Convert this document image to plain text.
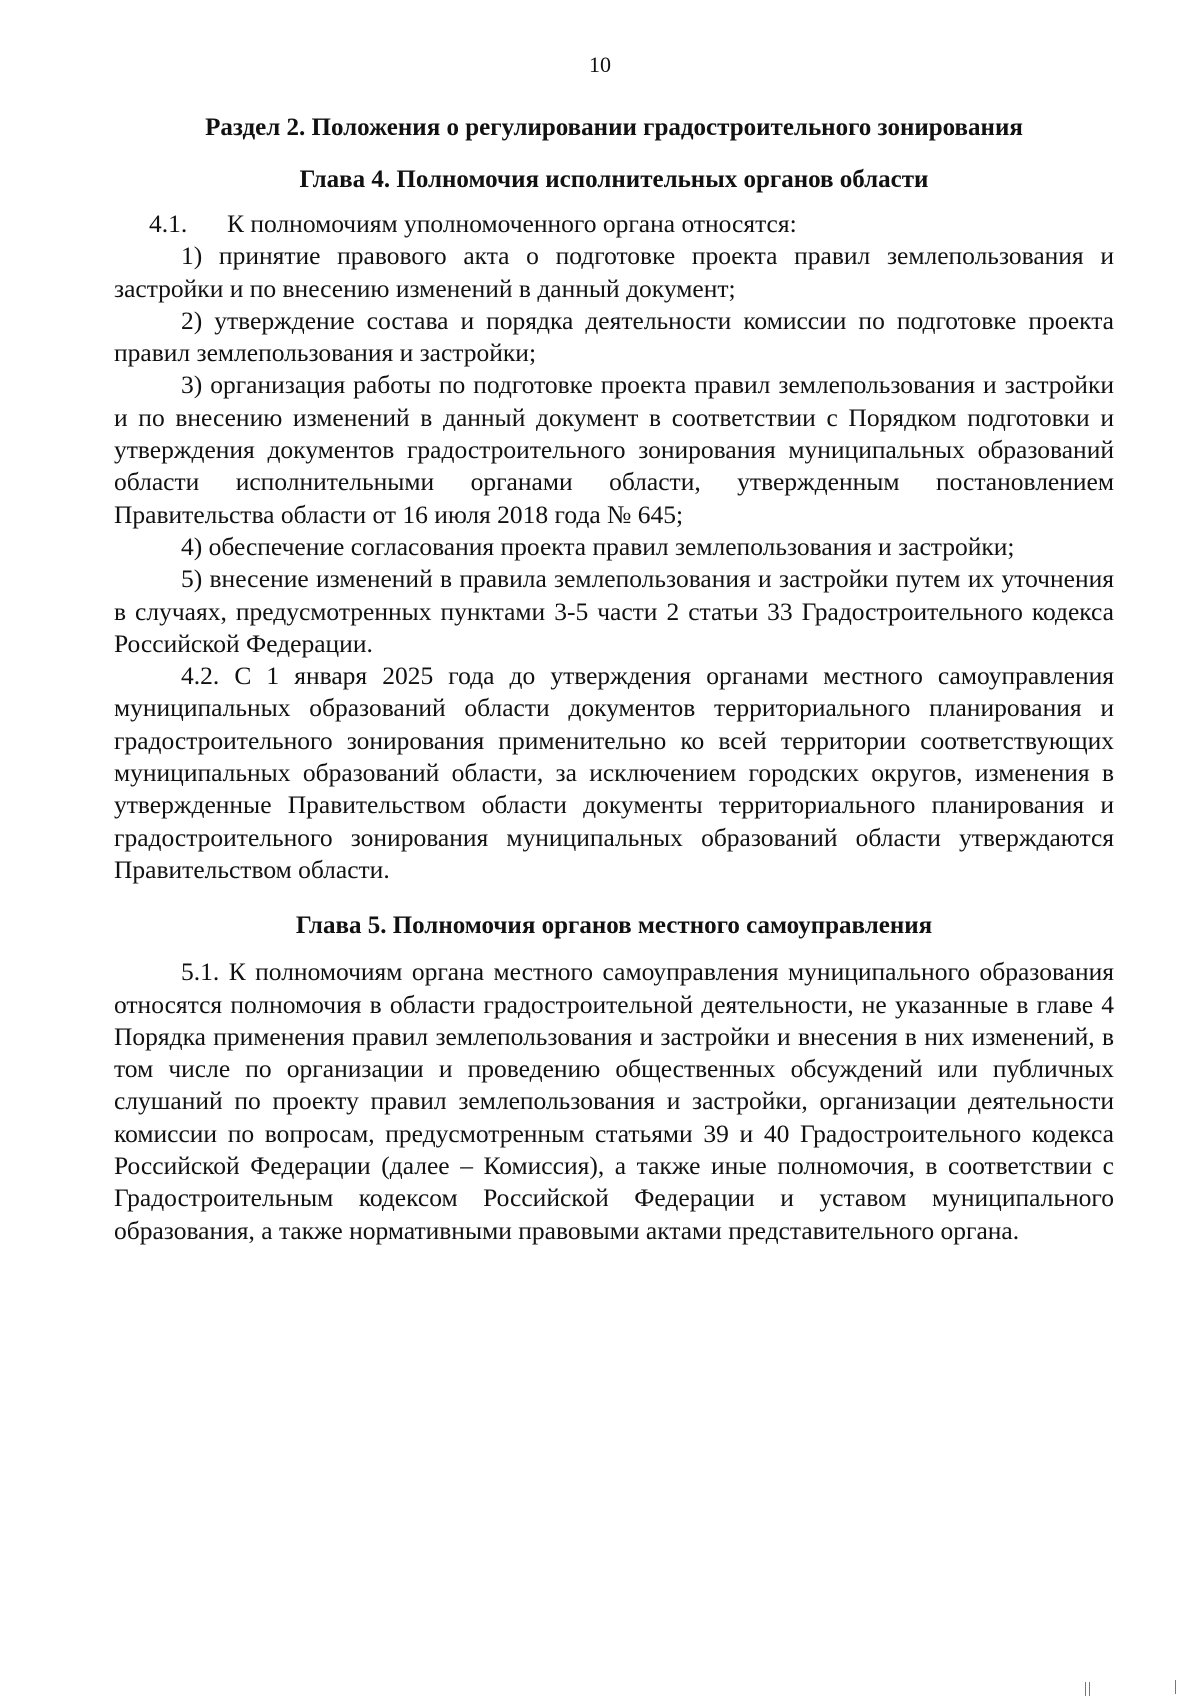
10
Раздел 2. Положения о регулировании градостроительного зонирования
Глава 4. Полномочия исполнительных органов области

4.1. К полномочиям уполномоченного органа относятся:

1) принятие правового акта о подготовке проекта правил землепользования и застройки и по внесению изменений в данный документ;

2) утверждение состава и порядка деятельности комиссии по подготовке проекта правил землепользования и застройки;

3) организация работы по подготовке проекта правил землепользования и застройки и по внесению изменений в данный документ в соответствии с Порядком подготовки и утверждения документов градостроительного зонирования муниципальных образований области исполнительными органами области, утвержденным постановлением Правительства области от 16 июля 2018 года № 645;

4) обеспечение согласования проекта правил землепользования и застройки;

5) внесение изменений в правила землепользования и застройки путем их уточнения в случаях, предусмотренных пунктами 3-5 части 2 статьи 33 Градостроительного кодекса Российской Федерации.

4.2. С 1 января 2025 года до утверждения органами местного самоуправления муниципальных образований области документов территориального планирования и градостроительного зонирования применительно ко всей территории соответствующих муниципальных образований области, за исключением городских округов, изменения в утвержденные Правительством области документы территориального планирования и градостроительного зонирования муниципальных образований области утверждаются Правительством области.

Глава 5. Полномочия органов местного самоуправления

5.1. К полномочиям органа местного самоуправления муниципального образования относятся полномочия в области градостроительной деятельности, не указанные в главе 4 Порядка применения правил землепользования и застройки и внесения в них изменений, в том числе по организации и проведению общественных обсуждений или публичных слушаний по проекту правил землепользования и застройки, организации деятельности комиссии по вопросам, предусмотренным статьями 39 и 40 Градостроительного кодекса Российской Федерации (далее – Комиссия), а также иные полномочия, в соответствии с Градостроительным кодексом Российской Федерации и уставом муниципального образования, а также нормативными правовыми актами представительного органа.
